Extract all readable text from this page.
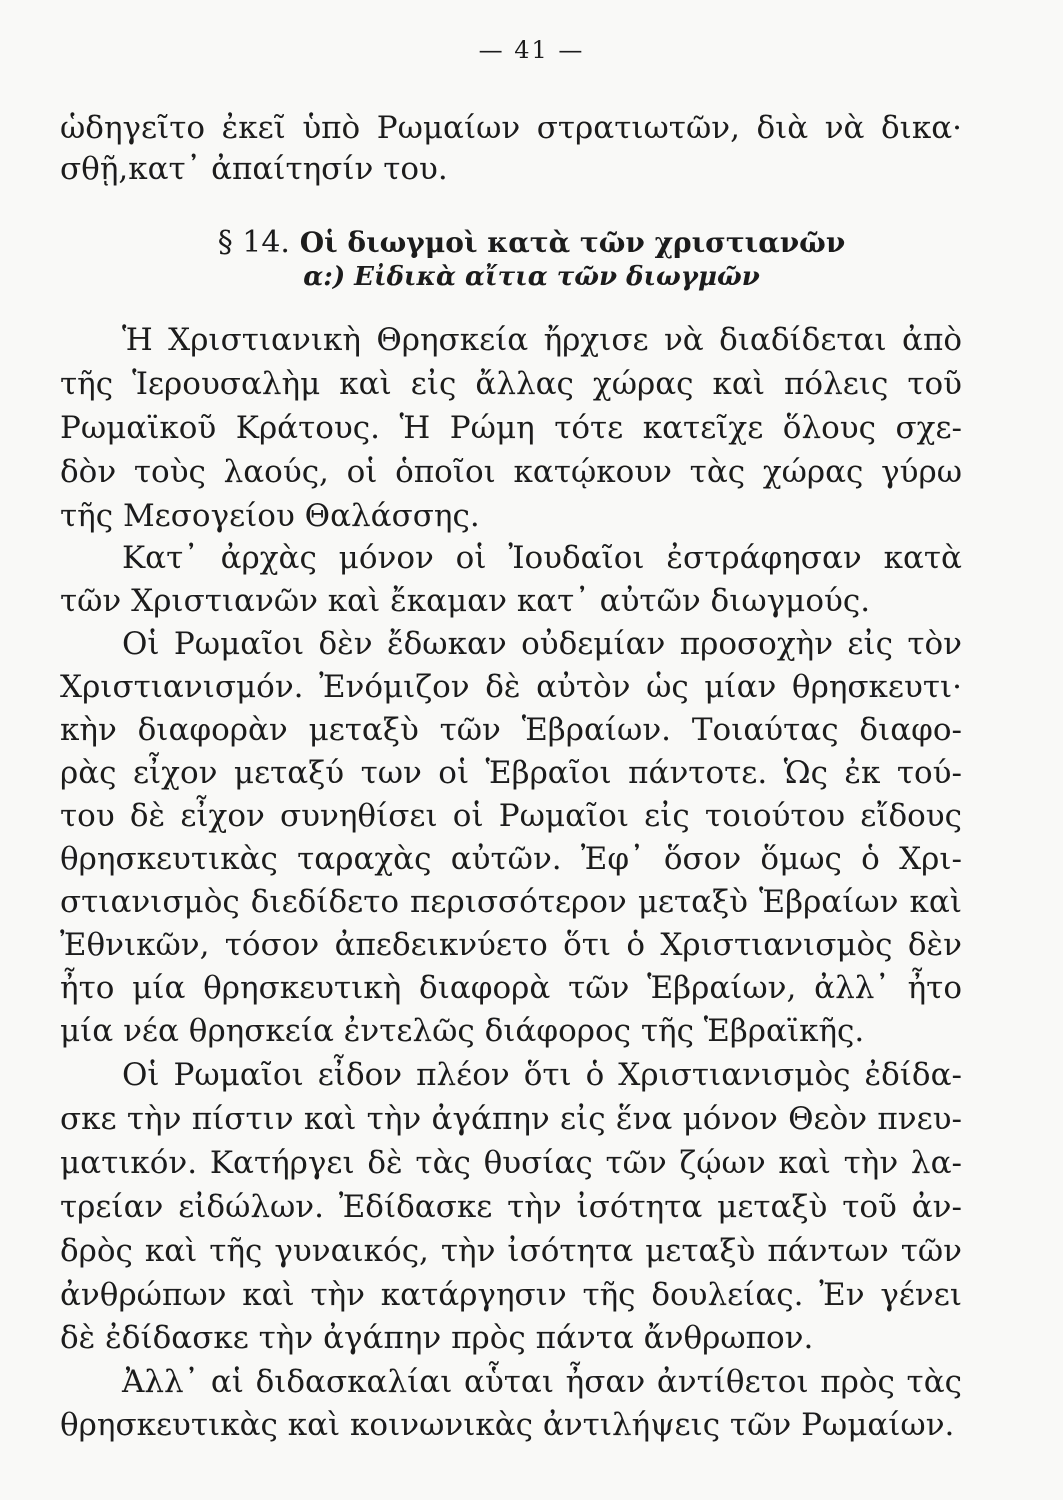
— 41 —
ὡδηγεῖτο ἐκεῖ ὑπὸ Ρωμαίων στρατιωτῶν, διὰ νὰ δικα·
σθῇ,κατ᾽ ἀπαίτησίν του.
§ 14. Οἱ διωγμοὶ κατὰ τῶν χριστιανῶν
α:) Εἰδικὰ αἴτια τῶν διωγμῶν
Ἡ Χριστιανικὴ Θρησκεία ἤρχισε νὰ διαδίδεται ἀπὸ
τῆς Ἱερουσαλὴμ καὶ εἰς ἄλλας χώρας καὶ πόλεις τοῦ
Ρωμαϊκοῦ Κράτους. Ἡ Ρώμη τότε κατεῖχε ὅλους σχε-
δὸν τοὺς λαούς, οἱ ὁποῖοι κατῴκουν τὰς χώρας γύρω
τῆς Μεσογείου Θαλάσσης.
Κατ᾽ ἀρχὰς μόνον οἱ Ἰουδαῖοι ἐστράφησαν κατὰ
τῶν Χριστιανῶν καὶ ἔκαμαν κατ᾽ αὐτῶν διωγμούς.
Οἱ Ρωμαῖοι δὲν ἔδωκαν οὐδεμίαν προσοχὴν εἰς τὸν
Χριστιανισμόν. Ἐνόμιζον δὲ αὐτὸν ὡς μίαν θρησκευτι·
κὴν διαφορὰν μεταξὺ τῶν Ἑβραίων. Τοιαύτας διαφο-
ρὰς εἶχον μεταξύ των οἱ Ἑβραῖοι πάντοτε. Ὡς ἐκ τού-
του δὲ εἶχον συνηθίσει οἱ Ρωμαῖοι εἰς τοιούτου εἴδους
θρησκευτικὰς ταραχὰς αὐτῶν. Ἐφ᾽ ὅσον ὅμως ὁ Χρι-
στιανισμὸς διεδίδετο περισσότερον μεταξὺ Ἑβραίων καὶ
Ἐθνικῶν, τόσον ἀπεδεικνύετο ὅτι ὁ Χριστιανισμὸς δὲν
ἦτο μία θρησκευτικὴ διαφορὰ τῶν Ἑβραίων, ἀλλ᾽ ἦτο
μία νέα θρησκεία ἐντελῶς διάφορος τῆς Ἑβραϊκῆς.
Οἱ Ρωμαῖοι εἶδον πλέον ὅτι ὁ Χριστιανισμὸς ἐδίδα-
σκε τὴν πίστιν καὶ τὴν ἀγάπην εἰς ἕνα μόνον Θεὸν πνευ-
ματικόν. Κατήργει δὲ τὰς θυσίας τῶν ζῴων καὶ τὴν λα-
τρείαν εἰδώλων. Ἐδίδασκε τὴν ἰσότητα μεταξὺ τοῦ ἀν-
δρὸς καὶ τῆς γυναικός, τὴν ἰσότητα μεταξὺ πάντων τῶν
ἀνθρώπων καὶ τὴν κατάργησιν τῆς δουλείας. Ἐν γένει
δὲ ἐδίδασκε τὴν ἀγάπην πρὸς πάντα ἄνθρωπον.
Ἀλλ᾽ αἱ διδασκαλίαι αὗται ἦσαν ἀντίθετοι πρὸς τὰς
θρησκευτικὰς καὶ κοινωνικὰς ἀντιλήψεις τῶν Ρωμαίων.
